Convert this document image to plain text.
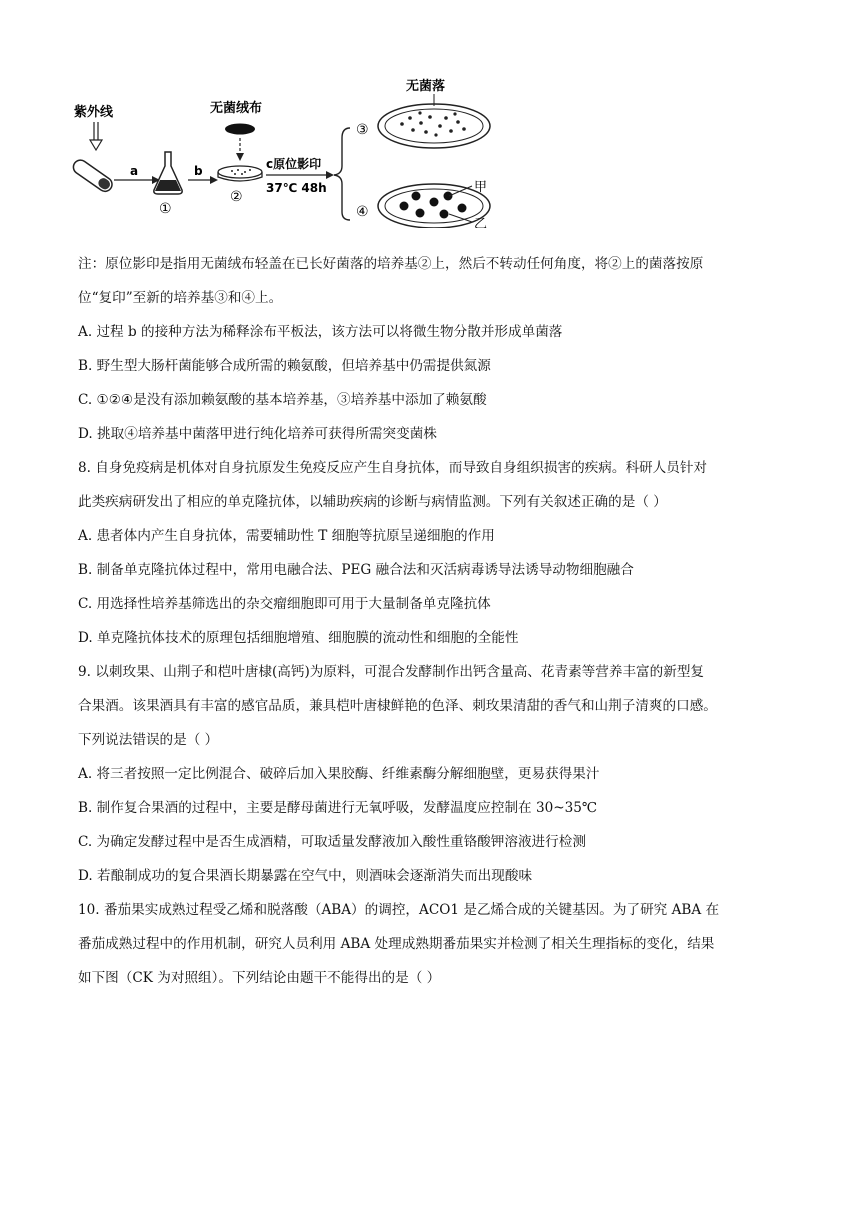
紫外线
a
①
b
无菌绒布
②
c原位影印
37℃ 48h
③
无菌落
④
甲
乙
注：原位影印是指用无菌绒布轻盖在已长好菌落的培养基②上，然后不转动任何角度，将②上的菌落按原
位“复印”至新的培养基③和④上。
A. 过程 b 的接种方法为稀释涂布平板法，该方法可以将微生物分散并形成单菌落
B. 野生型大肠杆菌能够合成所需的赖氨酸，但培养基中仍需提供氮源
C. ①②④是没有添加赖氨酸的基本培养基，③培养基中添加了赖氨酸
D. 挑取④培养基中菌落甲进行纯化培养可获得所需突变菌株
8. 自身免疫病是机体对自身抗原发生免疫反应产生自身抗体，而导致自身组织损害的疾病。科研人员针对
此类疾病研发出了相应的单克隆抗体，以辅助疾病的诊断与病情监测。下列有关叙述正确的是（ ）
A. 患者体内产生自身抗体，需要辅助性 T 细胞等抗原呈递细胞的作用
B. 制备单克隆抗体过程中，常用电融合法、PEG 融合法和灭活病毒诱导法诱导动物细胞融合
C. 用选择性培养基筛选出的杂交瘤细胞即可用于大量制备单克隆抗体
D. 单克隆抗体技术的原理包括细胞增殖、细胞膜的流动性和细胞的全能性
9. 以刺玫果、山荆子和桤叶唐棣(高钙)为原料，可混合发酵制作出钙含量高、花青素等营养丰富的新型复
合果酒。该果酒具有丰富的感官品质，兼具桤叶唐棣鲜艳的色泽、刺玫果清甜的香气和山荆子清爽的口感。
下列说法错误的是（ ）
A. 将三者按照一定比例混合、破碎后加入果胶酶、纤维素酶分解细胞壁，更易获得果汁
B. 制作复合果酒的过程中，主要是酵母菌进行无氧呼吸，发酵温度应控制在 30~35℃
C. 为确定发酵过程中是否生成酒精，可取适量发酵液加入酸性重铬酸钾溶液进行检测
D. 若酿制成功的复合果酒长期暴露在空气中，则酒味会逐渐消失而出现酸味
10. 番茄果实成熟过程受乙烯和脱落酸（ABA）的调控，ACO1 是乙烯合成的关键基因。为了研究 ABA 在
番茄成熟过程中的作用机制，研究人员利用 ABA 处理成熟期番茄果实并检测了相关生理指标的变化，结果
如下图（CK 为对照组）。下列结论由题干不能得出的是（ ）
